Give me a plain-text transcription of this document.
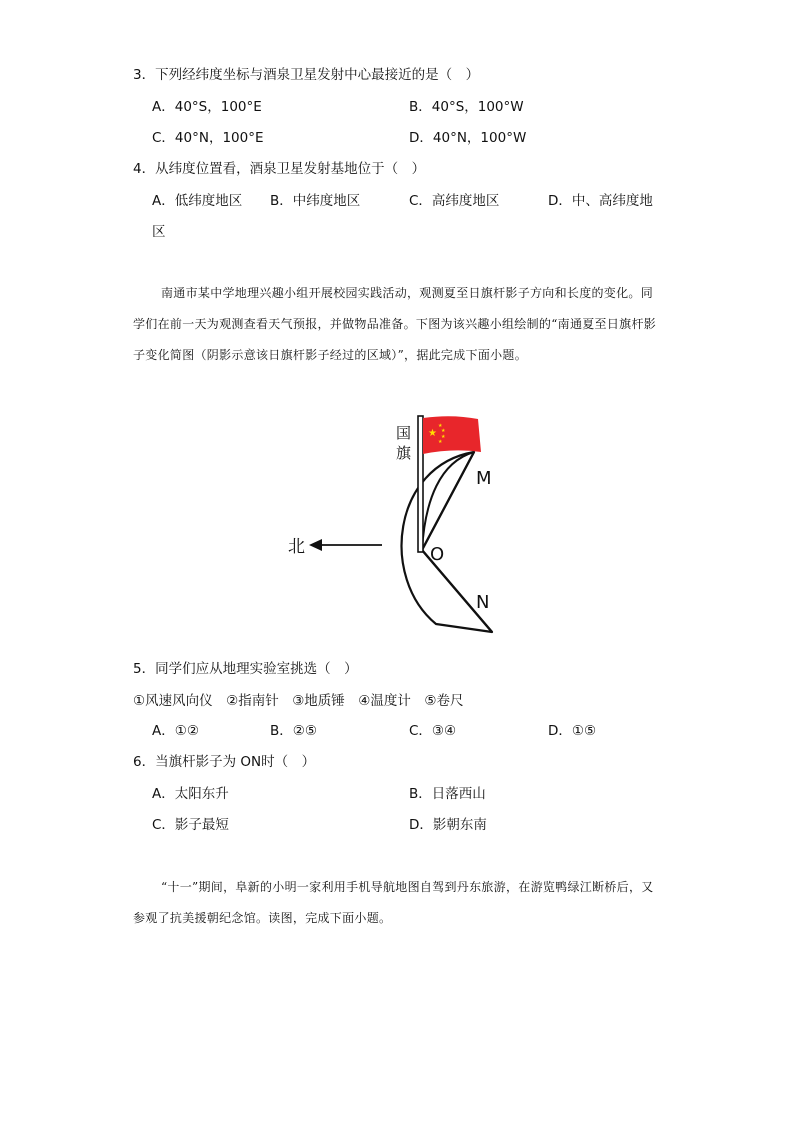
3．下列经纬度坐标与酒泉卫星发射中心最接近的是（　）
A．40°S，100°E	B．40°S，100°W
C．40°N，100°E	D．40°N，100°W
4．从纬度位置看，酒泉卫星发射基地位于（　）
A．低纬度地区 B．中纬度地区	C．高纬度地区	D．中、高纬度地
区

南通市某中学地理兴趣小组开展校园实践活动，观测夏至日旗杆影子方向和长度的变化。同学们在前一天为观测查看天气预报，并做物品准备。下图为该兴趣小组绘制的“南通夏至日旗杆影子变化简图（阴影示意该日旗杆影子经过的区域）”，据此完成下面小题。

★
★
★
★
★
国
旗
M
O
N
北
5．同学们应从地理实验室挑选（　）
①风速风向仪　②指南针　③地质锤　④温度计　⑤卷尺
A．①②	B．②⑤	C．③④	D．①⑤
6．当旗杆影子为 ON时（　）
A．太阳东升	B．日落西山
C．影子最短	D．影朝东南

“十一”期间，阜新的小明一家利用手机导航地图自驾到丹东旅游，在游览鸭绿江断桥后，又参观了抗美援朝纪念馆。读图，完成下面小题。
